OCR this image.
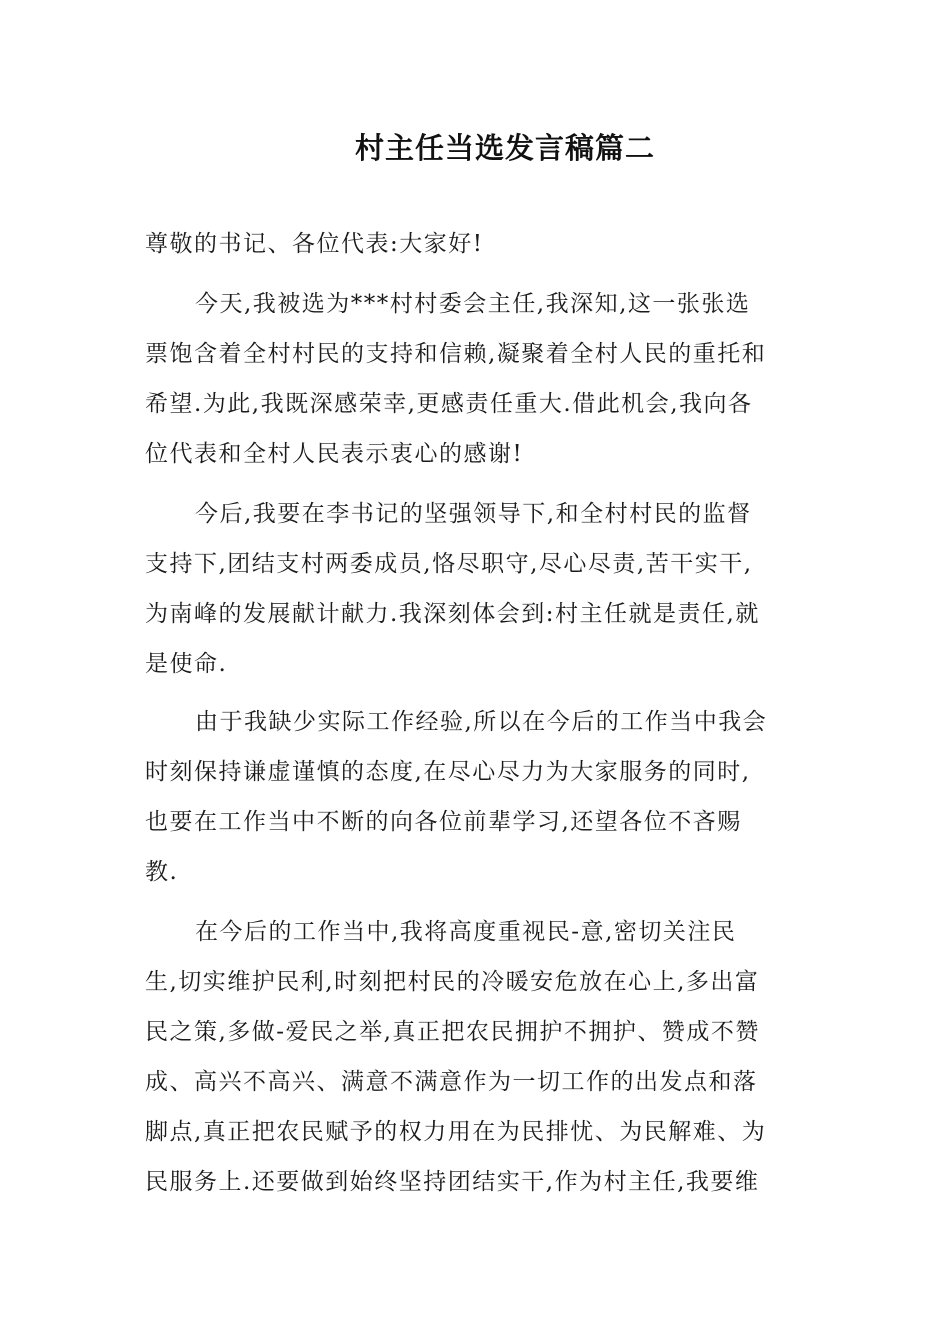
村主任当选发言稿篇二
尊敬的书记、各位代表:大家好!
今天,我被选为***村村委会主任,我深知,这一张张选
票饱含着全村村民的支持和信赖,凝聚着全村人民的重托和
希望.为此,我既深感荣幸,更感责任重大.借此机会,我向各
位代表和全村人民表示衷心的感谢!
今后,我要在李书记的坚强领导下,和全村村民的监督
支持下,团结支村两委成员,恪尽职守,尽心尽责,苦干实干,
为南峰的发展献计献力.我深刻体会到:村主任就是责任,就
是使命.
由于我缺少实际工作经验,所以在今后的工作当中我会
时刻保持谦虚谨慎的态度,在尽心尽力为大家服务的同时,
也要在工作当中不断的向各位前辈学习,还望各位不吝赐
教.
在今后的工作当中,我将高度重视民-意,密切关注民
生,切实维护民利,时刻把村民的冷暖安危放在心上,多出富
民之策,多做-爱民之举,真正把农民拥护不拥护、赞成不赞
成、高兴不高兴、满意不满意作为一切工作的出发点和落
脚点,真正把农民赋予的权力用在为民排忧、为民解难、为
民服务上.还要做到始终坚持团结实干,作为村主任,我要维
